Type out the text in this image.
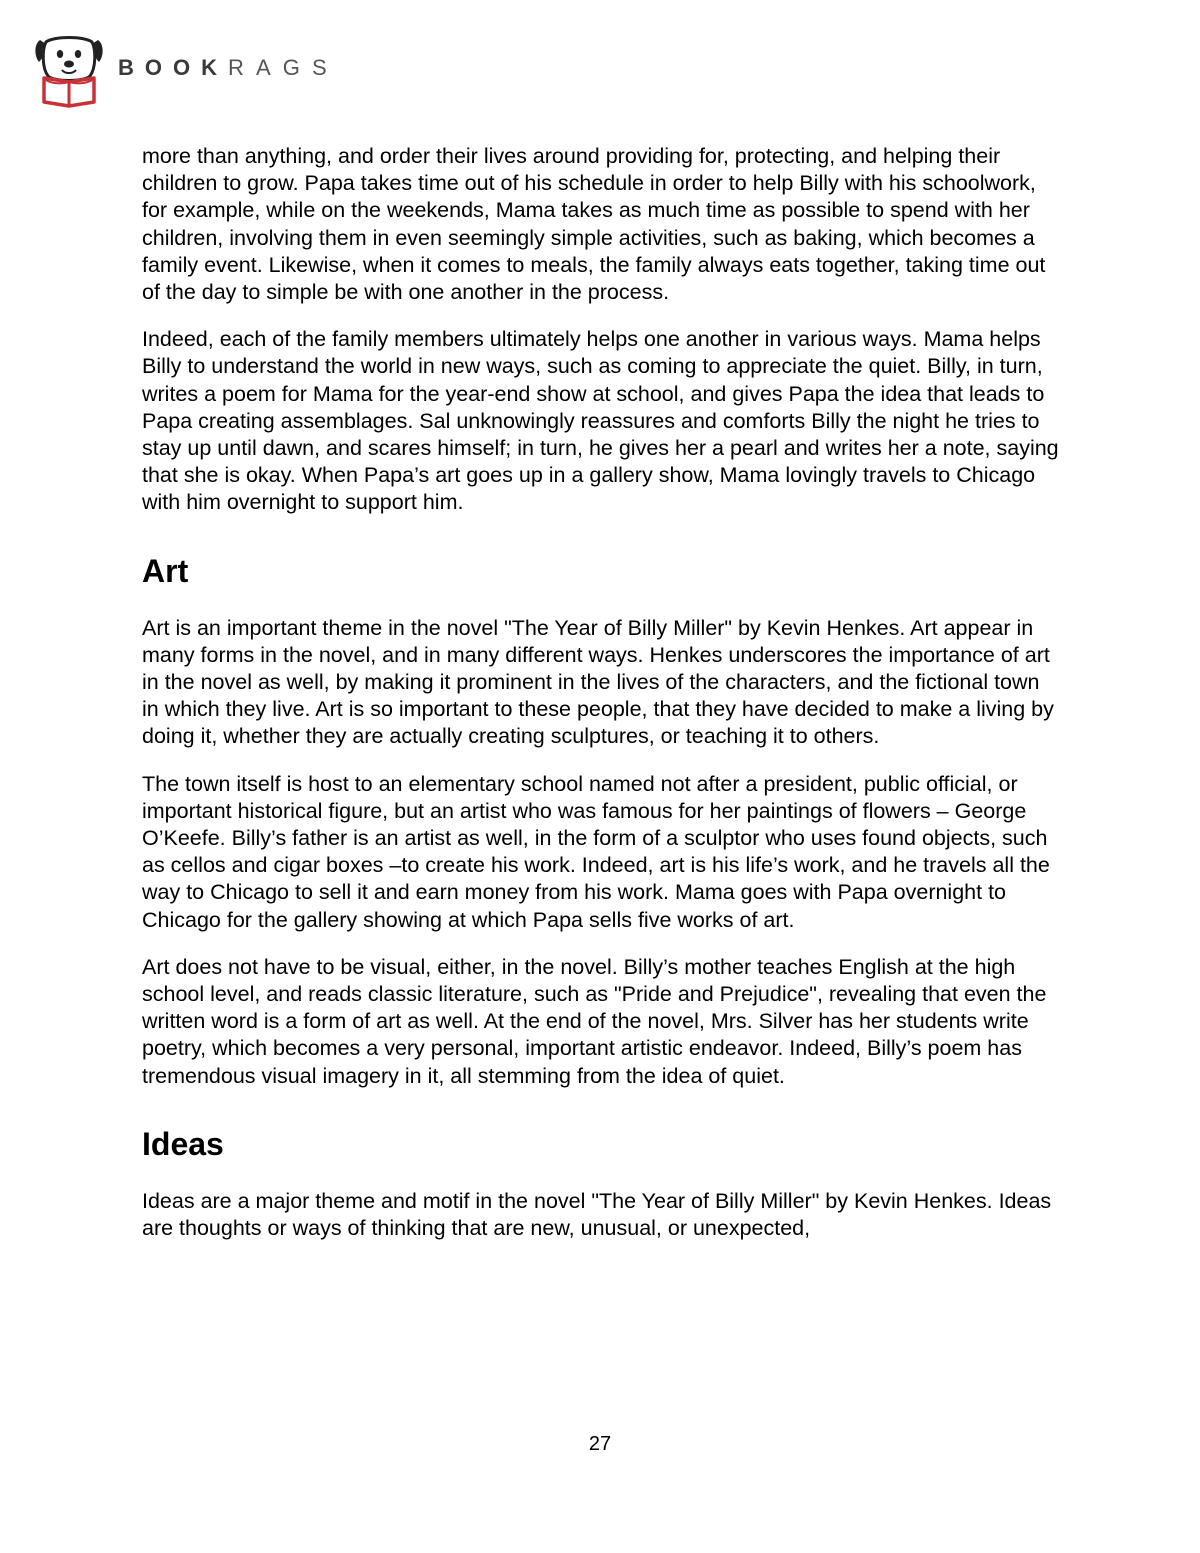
BOOK RAGS

more than anything, and order their lives around providing for, protecting, and helping their children to grow. Papa takes time out of his schedule in order to help Billy with his schoolwork, for example, while on the weekends, Mama takes as much time as possible to spend with her children, involving them in even seemingly simple activities, such as baking, which becomes a family event. Likewise, when it comes to meals, the family always eats together, taking time out of the day to simple be with one another in the process.

Indeed, each of the family members ultimately helps one another in various ways. Mama helps Billy to understand the world in new ways, such as coming to appreciate the quiet. Billy, in turn, writes a poem for Mama for the year-end show at school, and gives Papa the idea that leads to Papa creating assemblages. Sal unknowingly reassures and comforts Billy the night he tries to stay up until dawn, and scares himself; in turn, he gives her a pearl and writes her a note, saying that she is okay. When Papa’s art goes up in a gallery show, Mama lovingly travels to Chicago with him overnight to support him.

Art

Art is an important theme in the novel "The Year of Billy Miller" by Kevin Henkes. Art appear in many forms in the novel, and in many different ways. Henkes underscores the importance of art in the novel as well, by making it prominent in the lives of the characters, and the fictional town in which they live. Art is so important to these people, that they have decided to make a living by doing it, whether they are actually creating sculptures, or teaching it to others.

The town itself is host to an elementary school named not after a president, public official, or important historical figure, but an artist who was famous for her paintings of flowers – George O’Keefe. Billy’s father is an artist as well, in the form of a sculptor who uses found objects, such as cellos and cigar boxes –to create his work. Indeed, art is his life’s work, and he travels all the way to Chicago to sell it and earn money from his work. Mama goes with Papa overnight to Chicago for the gallery showing at which Papa sells five works of art.

Art does not have to be visual, either, in the novel. Billy’s mother teaches English at the high school level, and reads classic literature, such as "Pride and Prejudice", revealing that even the written word is a form of art as well. At the end of the novel, Mrs. Silver has her students write poetry, which becomes a very personal, important artistic endeavor. Indeed, Billy’s poem has tremendous visual imagery in it, all stemming from the idea of quiet.

Ideas

Ideas are a major theme and motif in the novel "The Year of Billy Miller" by Kevin Henkes. Ideas are thoughts or ways of thinking that are new, unusual, or unexpected,

27
